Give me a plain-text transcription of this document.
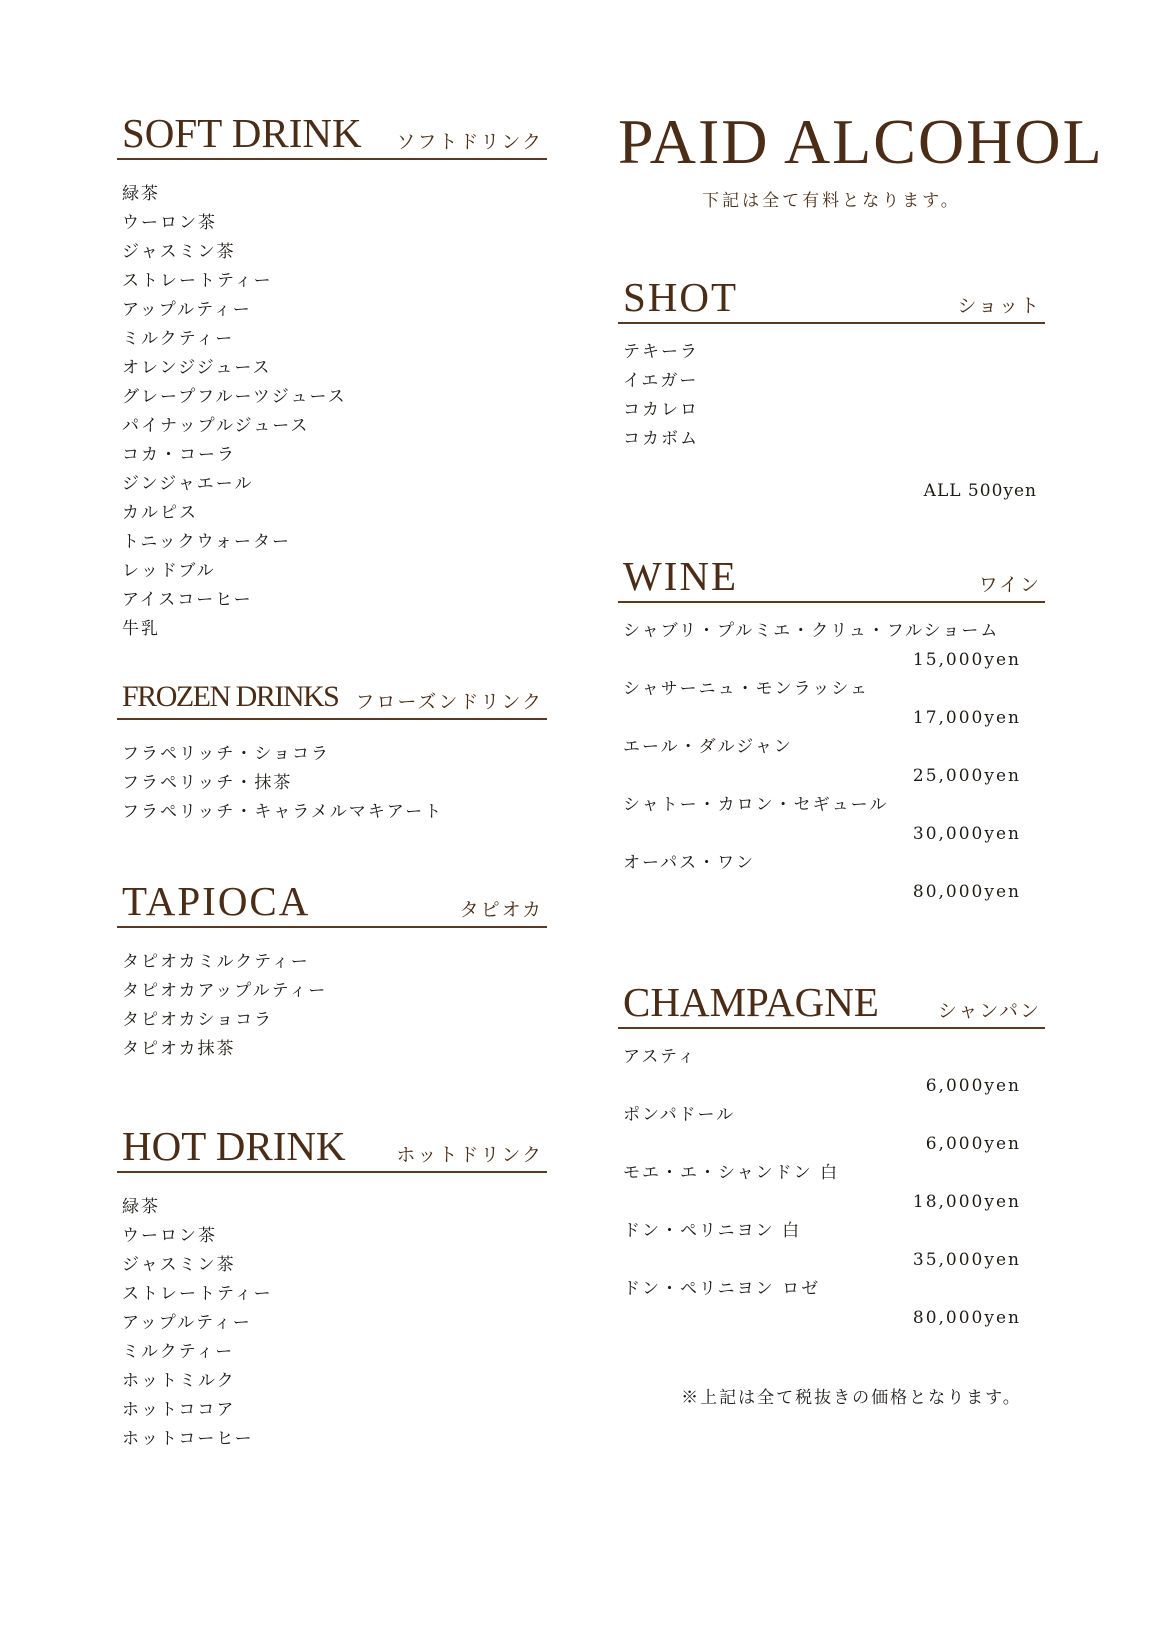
SOFT DRINK ソフトドリンク
緑茶
ウーロン茶
ジャスミン茶
ストレートティー
アップルティー
ミルクティー
オレンジジュース
グレープフルーツジュース
パイナップルジュース
コカ・コーラ
ジンジャエール
カルピス
トニックウォーター
レッドブル
アイスコーヒー
牛乳
FROZEN DRINKS フローズンドリンク
フラペリッチ・ショコラ
フラペリッチ・抹茶
フラペリッチ・キャラメルマキアート
TAPIOCA	タピオカ
タピオカミルクティー
タピオカアップルティー
タピオカショコラ
タピオカ抹茶
HOT DRINK	ホットドリンク
緑茶
ウーロン茶
ジャスミン茶
ストレートティー
アップルティー
ミルクティー
ホットミルク
ホットココア
ホットコーヒー
PAID ALCOHOL
下記は全て有料となります。
SHOT	ショット
テキーラ
イエガー
コカレロ
コカボム
ALL 500yen
WINE	ワイン
シャブリ・プルミエ・クリュ・フルショーム
15,000yen
シャサーニュ・モンラッシェ
17,000yen
エール・ダルジャン
25,000yen
シャトー・カロン・セギュール
30,000yen
オーパス・ワン
80,000yen
CHAMPAGNE	シャンパン
アスティ
6,000yen
ポンパドール
6,000yen
モエ・エ・シャンドン 白
18,000yen
ドン・ペリニヨン 白
35,000yen
ドン・ペリニヨン ロゼ
80,000yen
※上記は全て税抜きの価格となります。
